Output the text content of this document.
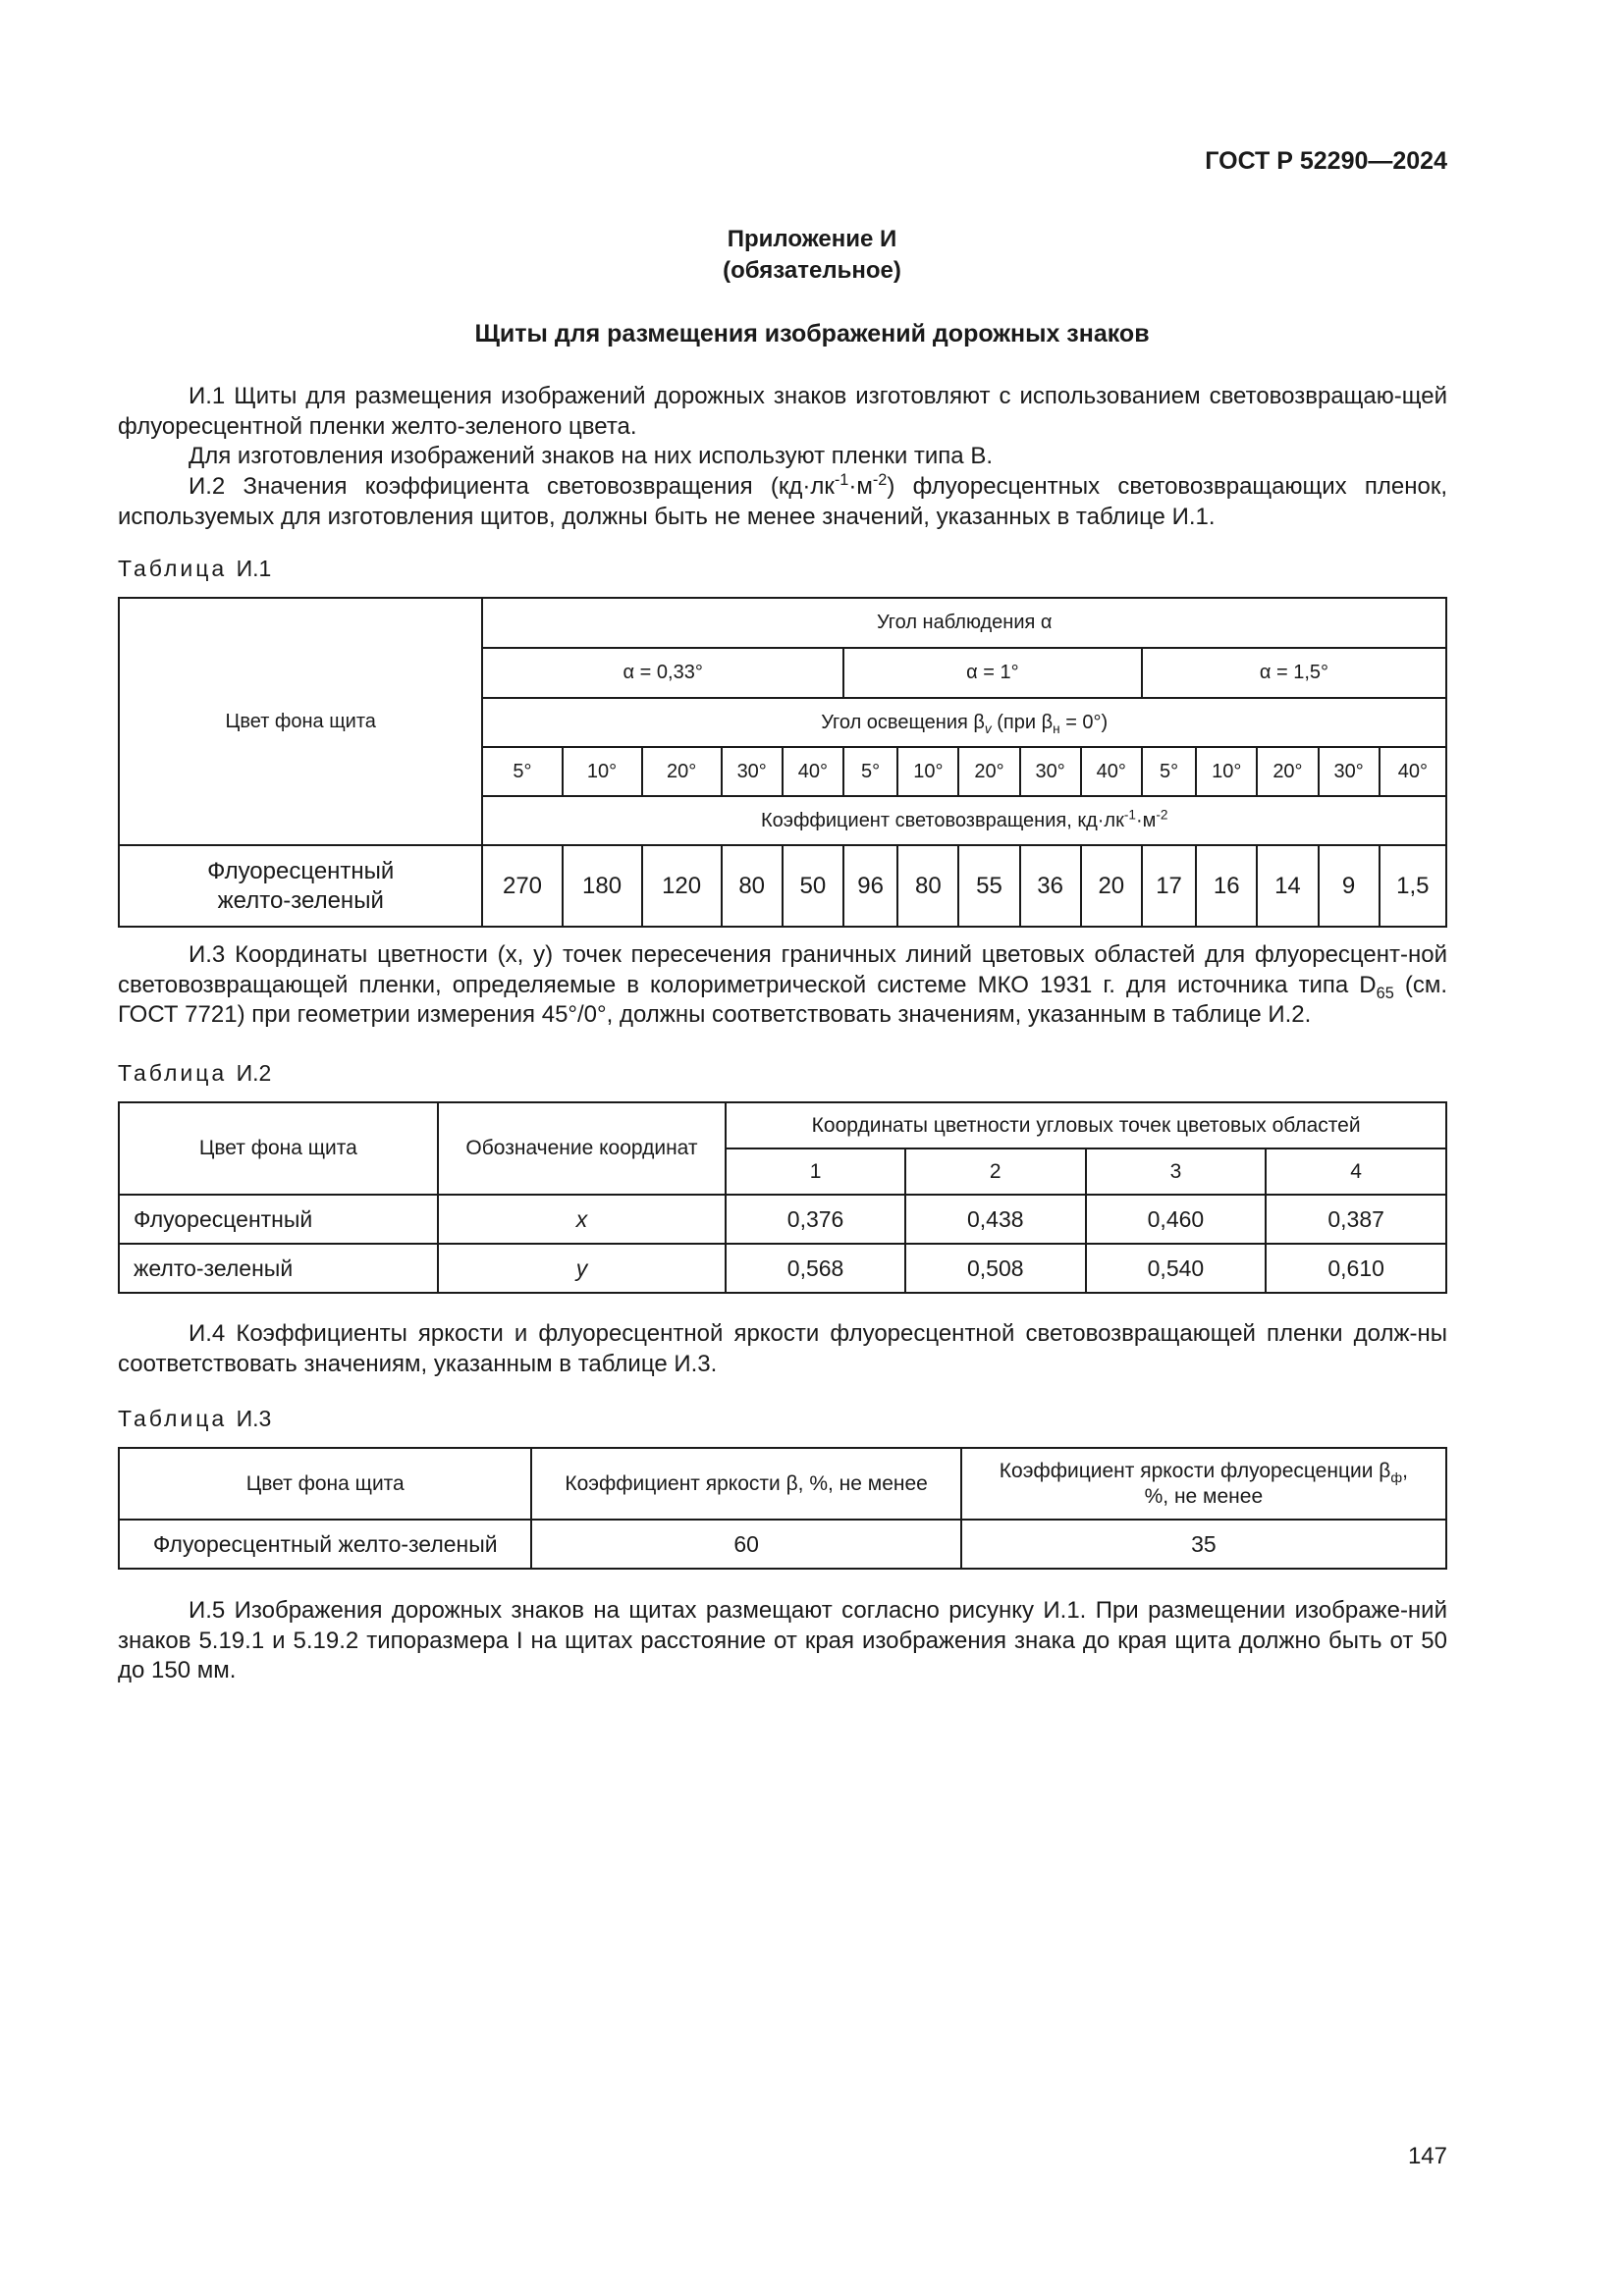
ГОСТ Р 52290—2024
Приложение И
(обязательное)
Щиты для размещения изображений дорожных знаков
И.1 Щиты для размещения изображений дорожных знаков изготовляют с использованием световозвращаю-щей флуоресцентной пленки желто-зеленого цвета.
Для изготовления изображений знаков на них используют пленки типа В.
И.2 Значения коэффициента световозвращения $(кд\cdot лк^{-1}\cdot м^{-2})$ флуоресцентных световозвращающих пленок, используемых для изготовления щитов, должны быть не менее значений, указанных в таблице И.1.
Таблица И.1
Цвет фона щита	Угол наблюдения α														
	α = 0,33°					α = 1°					α = 1,5°				
	Угол освещения $\beta_v$ (при $\beta_н = 0^\circ$)														
	5°	10°	20°	30°	40°	5°	10°	20°	30°	40°	5°	10°	20°	30°	40°
	Коэффициент световозвращения, $кд\cdot лк^{-1}\cdot м^{-2}$
Флуоресцентный
желто-зеленый	270	180	120	80	50	96	80	55	36	20	17	16	14	9	1,5
И.3 Координаты цветности (x, y) точек пересечения граничных линий цветовых областей для флуоресцент-ной световозвращающей пленки, определяемые в колориметрической системе МКО 1931 г. для источника типа $D_{65}$ (см. ГОСТ 7721) при геометрии измерения 45°/0°, должны соответствовать значениям, указанным в таблице И.2.
Таблица И.2
Цвет фона щита	Обозначение координат	Координаты цветности угловых точек цветовых областей			
		1	2	3	4
Флуоресцентный	x	0,376	0,438	0,460	0,387
желто-зеленый	y	0,568	0,508	0,540	0,610
И.4 Коэффициенты яркости и флуоресцентной яркости флуоресцентной световозвращающей пленки долж-ны соответствовать значениям, указанным в таблице И.3.
Таблица И.3
Цвет фона щита	Коэффициент яркости β, %, не менее	Коэффициент яркости флуоресценции $\beta_ф$,
%, не менее
Флуоресцентный желто-зеленый	60	35
И.5 Изображения дорожных знаков на щитах размещают согласно рисунку И.1. При размещении изображе-ний знаков 5.19.1 и 5.19.2 типоразмера I на щитах расстояние от края изображения знака до края щита должно быть от 50 до 150 мм.
147
